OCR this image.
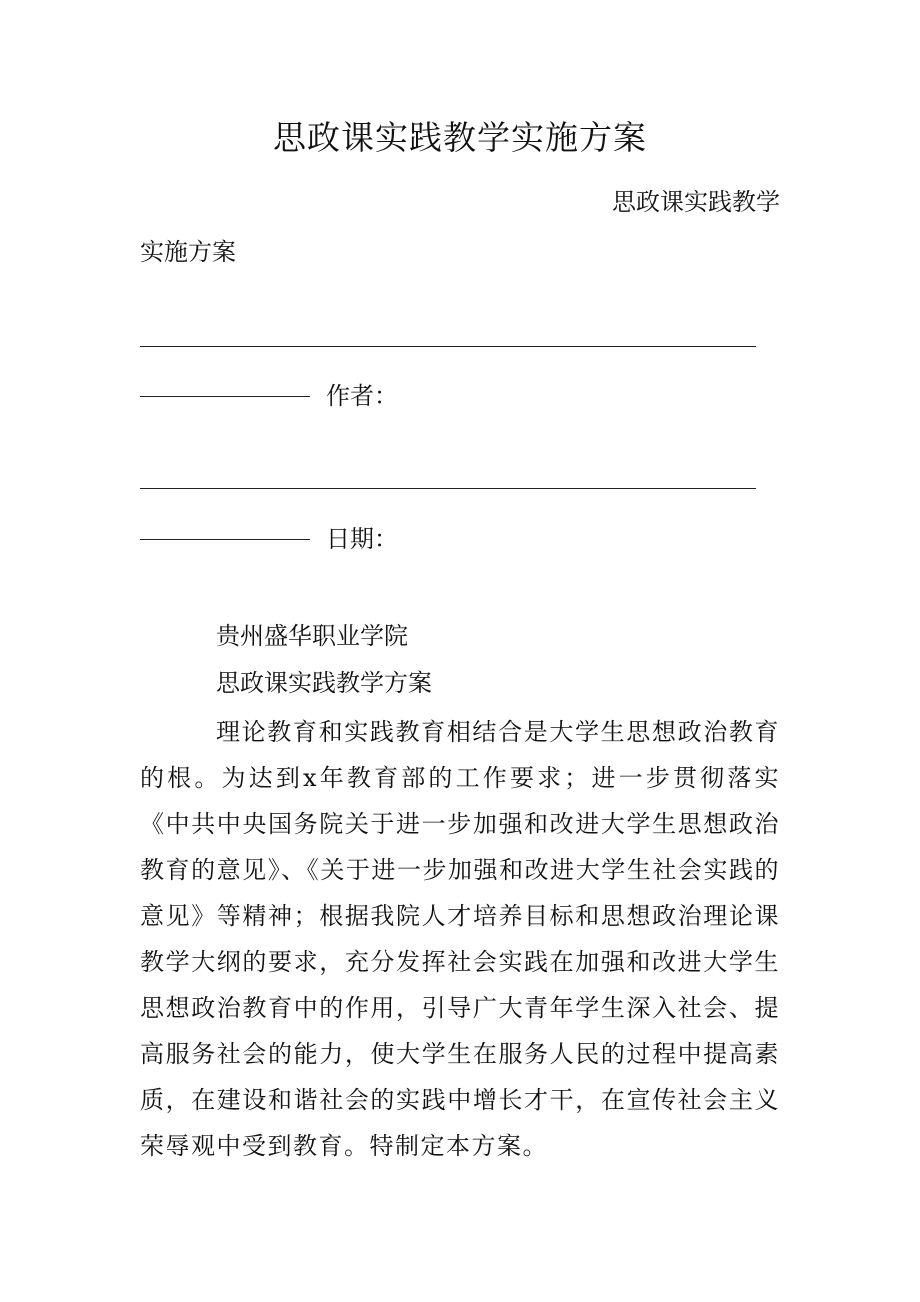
思政课实践教学实施方案
思政课实践教学
实施方案
作者：
日期：
贵州盛华职业学院
思政课实践教学方案
理论教育和实践教育相结合是大学生思想政治教育的根。为达到x年教育部的工作要求；进一步贯彻落实《中共中央国务院关于进一步加强和改进大学生思想政治教育的意见》、《关于进一步加强和改进大学生社会实践的意见》等精神；根据我院人才培养目标和思想政治理论课教学大纲的要求，充分发挥社会实践在加强和改进大学生思想政治教育中的作用，引导广大青年学生深入社会、提高服务社会的能力，使大学生在服务人民的过程中提高素质，在建设和谐社会的实践中增长才干，在宣传社会主义荣辱观中受到教育。特制定本方案。
